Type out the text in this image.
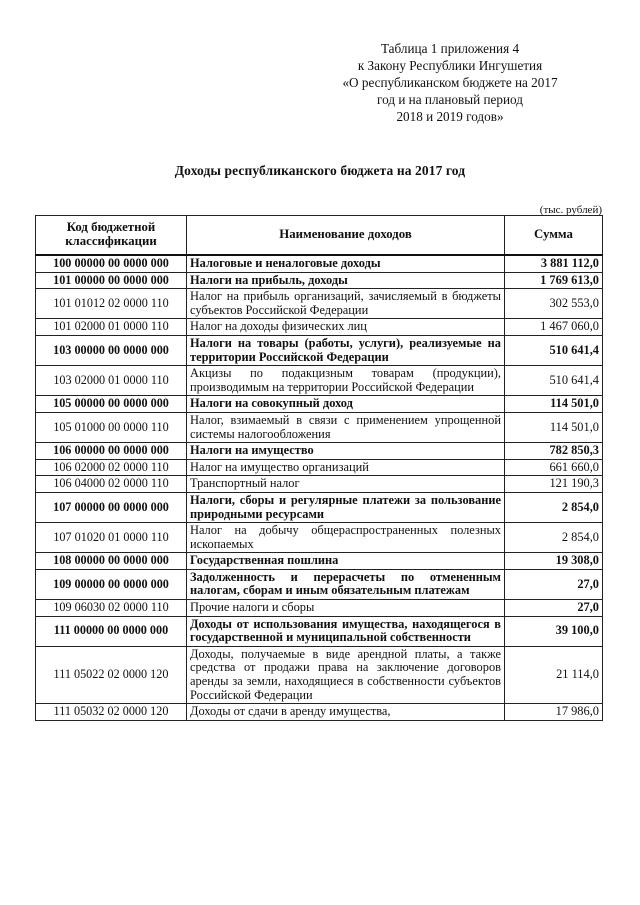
Таблица 1 приложения 4
к Закону Республики Ингушетия
«О республиканском бюджете на 2017
год и на плановый период
2018 и 2019 годов»
Доходы республиканского бюджета на 2017 год
(тыс. рублей)
Код бюджетной классификации	Наименование доходов	Сумма
100 00000 00 0000 000	Налоговые и неналоговые доходы	3 881 112,0
101 00000 00 0000 000	Налоги на прибыль, доходы	1 769 613,0
101 01012 02 0000 110	Налог на прибыль организаций, зачисляемый в бюджеты субъектов Российской Федерации	302 553,0
101 02000 01 0000 110	Налог на доходы физических лиц	1 467 060,0
103 00000 00 0000 000	Налоги на товары (работы, услуги), реализуемые на территории Российской Федерации	510 641,4
103 02000 01 0000 110	Акцизы по подакцизным товарам (продукции), производимым на территории Российской Федерации	510 641,4
105 00000 00 0000 000	Налоги на совокупный доход	114 501,0
105 01000 00 0000 110	Налог, взимаемый в связи с применением упрощенной системы налогообложения	114 501,0
106 00000 00 0000 000	Налоги на имущество	782 850,3
106 02000 02 0000 110	Налог на имущество организаций	661 660,0
106 04000 02 0000 110	Транспортный налог	121 190,3
107 00000 00 0000 000	Налоги, сборы и регулярные платежи за пользование природными ресурсами	2 854,0
107 01020 01 0000 110	Налог на добычу общераспространенных полезных ископаемых	2 854,0
108 00000 00 0000 000	Государственная пошлина	19 308,0
109 00000 00 0000 000	Задолженность и перерасчеты по отмененным налогам, сборам и иным обязательным платежам	27,0
109 06030 02 0000 110	Прочие налоги и сборы	27,0
111 00000 00 0000 000	Доходы от использования имущества, находящегося в государственной и муниципальной собственности	39 100,0
111 05022 02 0000 120	Доходы, получаемые в виде арендной платы, а также средства от продажи права на заключение договоров аренды за земли, находящиеся в собственности субъектов Российской Федерации	21 114,0
111 05032 02 0000 120	Доходы от сдачи в аренду имущества,	17 986,0
